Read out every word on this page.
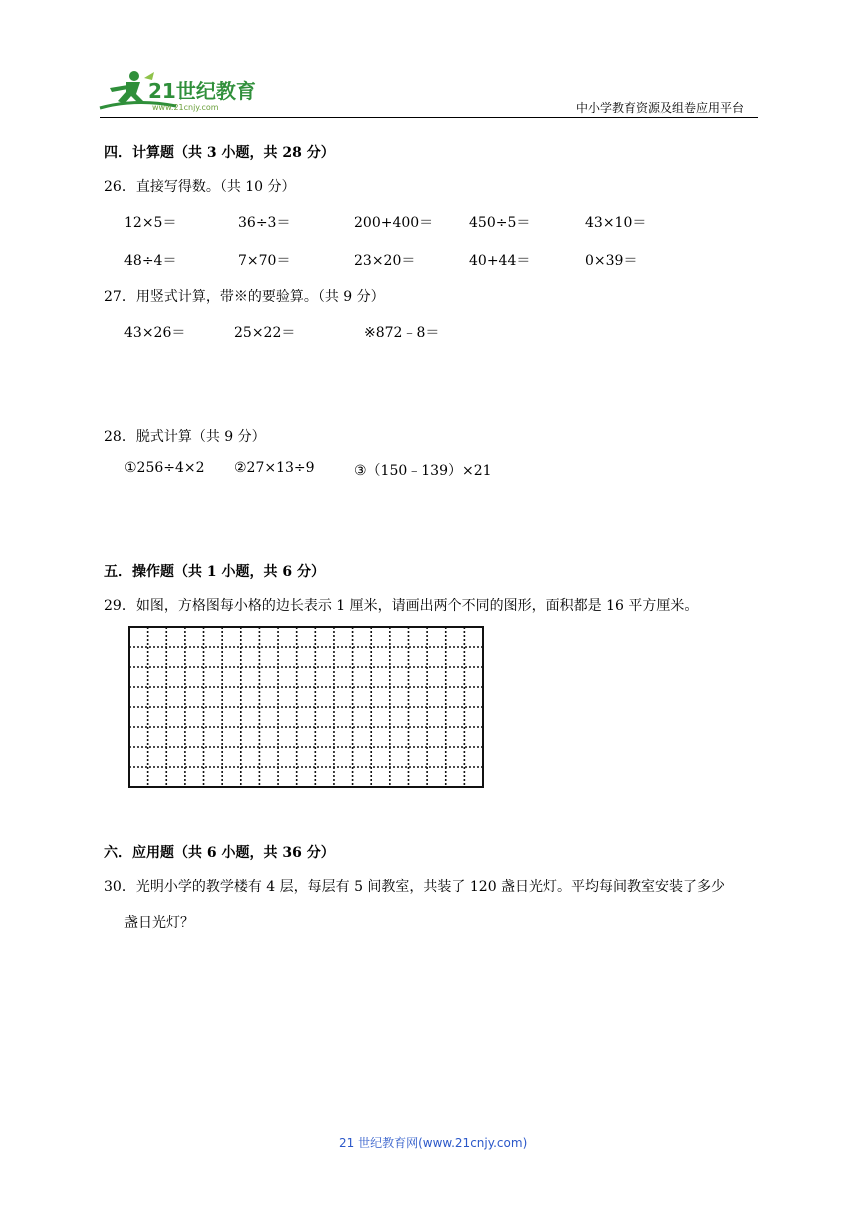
21世纪教育
www.21cnjy.com	中小学教育资源及组卷应用平台
四．计算题（共 3 小题，共 28 分）
26．直接写得数。（共 10 分）
12×5＝	36÷3＝	200+400＝	450÷5＝	43×10＝
48÷4＝	7×70＝	23×20＝	40+44＝	0×39＝
27．用竖式计算，带※的要验算。（共 9 分）
43×26＝	25×22＝	※872﹣8＝
28．脱式计算（共 9 分）
①256÷4×2 ②27×13÷9	③（150﹣139）×21
五．操作题（共 1 小题，共 6 分）
29．如图，方格图每小格的边长表示 1 厘米，请画出两个不同的图形，面积都是 16 平方厘米。
六．应用题（共 6 小题，共 36 分）
30．光明小学的教学楼有 4 层，每层有 5 间教室，共装了 120 盏日光灯。平均每间教室安装了多少
盏日光灯？
21 世纪教育网(www.21cnjy.com)
